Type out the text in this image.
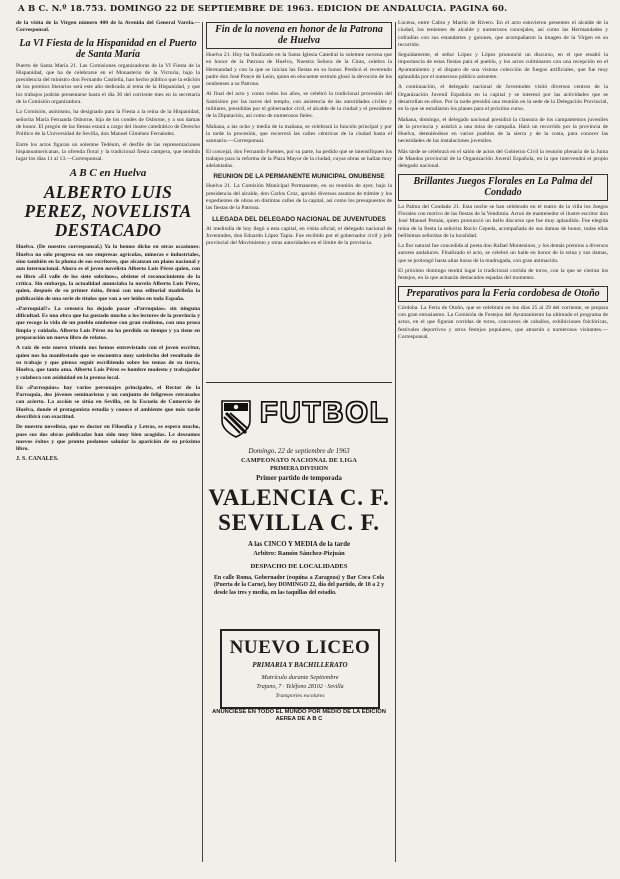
A B C. N.º 18.753. DOMINGO 22 DE SEPTIEMBRE DE 1963. EDICION DE ANDALUCIA. PAGINA 60.

de la visita de la Virgen número 400 de la Avenida del General Varela.—Corresponsal.

La VI Fiesta de la Hispanidad en el Puerto de Santa María

Puerto de Santa María 21. Las Comisiones organizadoras de la VI Fiesta de la Hispanidad, que ha de celebrarse en el Monasterio de la Victoria, bajo la presidencia del ministro don Fernando Castiella, han hecho público que la edición de los premios literarios será este año dedicada al tema de la Hispanidad, y que los trabajos podrán presentarse hasta el día 30 del corriente mes en la secretaría de la Comisión organizadora.

La Comisión, asimismo, ha designado para la Fiesta a la reina de la Hispanidad, señorita María Fernanda Osborne, hija de los condes de Osborne, y a sus damas de honor. El pregón de las fiestas estará a cargo del ilustre catedrático de Derecho Político de la Universidad de Sevilla, don Manuel Giménez Fernández.

Entre los actos figuran un solemne Tedéum, el desfile de las representaciones hispanoamericanas, la ofrenda floral y la tradicional fiesta campera, que tendrán lugar los días 11 al 13.—Corresponsal.

A B C en Huelva
ALBERTO LUIS PEREZ, NOVELISTA DESTACADO

Huelva. (De nuestro corresponsal.) Ya lo hemos dicho en otras ocasiones: Huelva no sólo progresa en sus empresas agrícolas, mineras e industriales, sino también en la pluma de sus escritores, que alcanzan un plano nacional y aun internacional. Ahora es el joven novelista Alberto Luis Pérez quien, con su libro «El valle de los siete sobrinos», obtiene el reconocimiento de la crítica. Sin embargo, la actualidad anunciaba la novela Alberto Luis Pérez, quien, después de su primer éxito, firmó con una editorial madrileña la publicación de una serie de títulos que van a ser leídos en toda España.

«Parroquial?» La censura ha dejado pasar «Parroquias» sin ninguna dificultad. Es una obra que ha gustado mucho a los lectores de la provincia y que recoge la vida de un pueblo onubense con gran realismo, con una prosa limpia y cuidada. Alberto Luis Pérez no ha perdido su tiempo y ya tiene en preparación un nuevo libro de relatos.

A raíz de este nuevo triunfo nos hemos entrevistado con el joven escritor, quien nos ha manifestado que se encuentra muy satisfecho del resultado de su trabajo y que piensa seguir escribiendo sobre los temas de su tierra, Huelva, que tanto ama. Alberto Luis Pérez es hombre modesto y trabajador y colabora con asiduidad en la prensa local.

En «Parroquias» hay varios personajes principales, el Rector de la Parroquia, dos jóvenes seminaristas y un conjunto de feligreses retratados con acierto. La acción se sitúa en Sevilla, en la Escuela de Comercio de Huelva, donde el protagonista estudia y conoce el ambiente que más tarde describirá con exactitud.

De nuestro novelista, que es doctor en Filosofía y Letras, se espera mucho, pues sus dos obras publicadas han sido muy bien acogidas. Le deseamos nuevos éxitos y que pronto podamos saludar la aparición de su próximo libro.

J. S. CANALES.
Fin de la novena en honor de la Patrona de Huelva

Huelva 21. Hoy ha finalizado en la Santa Iglesia Catedral la solemne novena que en honor de la Patrona de Huelva, Nuestra Señora de la Cinta, celebra la Hermandad y con la que se inician las fiestas en su honor. Predicó el reverendo padre don José Ponce de León, quien en elocuente sermón glosó la devoción de los onubenses a su Patrona.

Al final del acto y como todos los años, se celebró la tradicional procesión del Santísimo por las naves del templo, con asistencia de las autoridades civiles y militares, presididas por el gobernador civil, el alcalde de la ciudad y el presidente de la Diputación, así como de numerosos fieles.

Mañana, a las ocho y media de la mañana, se celebrará la función principal y por la tarde la procesión, que recorrerá las calles céntricas de la ciudad hasta el santuario.—Corresponsal.

El concejal, don Fernando Fuentes, por su parte, ha pedido que se intensifiquen los trabajos para la reforma de la Plaza Mayor de la ciudad, cuyas obras se hallan muy adelantadas.

REUNION DE LA PERMANENTE MUNICIPAL ONUBENSE

Huelva 21. La Comisión Municipal Permanente, en su reunión de ayer, bajo la presidencia del alcalde, don Carlos Cruz, aprobó diversos asuntos de trámite y los expedientes de obras en distintas calles de la capital, así como los presupuestos de las fiestas de la Patrona.

LLEGADA DEL DELEGADO NACIONAL DE JUVENTUDES

Al mediodía de hoy llegó a esta capital, en visita oficial, el delegado nacional de Juventudes, don Eduardo López Tapia. Fue recibido por el gobernador civil y jefe provincial del Movimiento y otras autoridades en el límite de la provincia.

FUTBOL
Domingo, 22 de septiembre de 1963
CAMPEONATO NACIONAL DE LIGA
PRIMERA DIVISION
Primer partido de temporada
VALENCIA C. F.
SEVILLA C. F.
A las CINCO Y MEDIA de la tarde
Arbitro: Ramón Sánchez-Pizjuán
DESPACHO DE LOCALIDADES
En calle Roma, Gobernador (esquina a Zaragoza) y Bar Coca Cola (Puerta de la Carne), hoy DOMINGO 22, día del partido, de 10 a 2 y desde las tres y media, en las taquillas del estadio.
NUEVO LICEO
PRIMARIA Y BACHILLERATO
Matrícula durante Septiembre
Trajano, 7 · Teléfono 28102 · Sevilla
Transportes escolares
ANUNCIESE EN TODO EL MUNDO POR MEDIO DE LA EDICION AEREA DE A B C

Lucena, entre Cabra y Martín de Rivero. En el acto estuvieron presentes el alcalde de la ciudad, los tenientes de alcalde y numerosos concejales, así como las Hermandades y cofradías con sus estandartes y guiones, que acompañaron la imagen de la Virgen en su recorrido.

Seguidamente, el señor López y López pronunció un discurso, en el que resaltó la importancia de estas fiestas para el pueblo, y los actos culminaron con una recepción en el Ayuntamiento y el disparo de una vistosa colección de fuegos artificiales, que fue muy aplaudida por el numeroso público asistente.

A continuación, el delegado nacional de Juventudes visitó diversos centros de la Organización Juvenil Española en la capital y se interesó por las actividades que se desarrollan en ellos. Por la tarde presidió una reunión en la sede de la Delegación Provincial, en la que se estudiaron los planes para el próximo curso.

Mañana, domingo, el delegado nacional presidirá la clausura de los campamentos juveniles de la provincia y asistirá a una misa de campaña. Hará un recorrido por la provincia de Huelva, deteniéndose en varios pueblos de la sierra y de la costa, para conocer las necesidades de las instalaciones juveniles.

Más tarde se celebrará en el salón de actos del Gobierno Civil la reunión plenaria de la Junta de Mandos provincial de la Organización Juvenil Española, en la que intervendrá el propio delegado nacional.

Brillantes Juegos Florales en La Palma del Condado

La Palma del Condado 21. Esta noche se han celebrado en el teatro de la villa los Juegos Florales con motivo de las fiestas de la Vendimia. Actuó de mantenedor el ilustre escritor don José Manuel Pemán, quien pronunció un bello discurso que fue muy aplaudido. Fue elegida reina de la fiesta la señorita Rocío Cepeda, acompañada de sus damas de honor, todas ellas bellísimas señoritas de la localidad.

La flor natural fue concedida al poeta don Rafael Montesinos, y los demás premios a diversos autores andaluces. Finalizado el acto, se celebró un baile en honor de la reina y sus damas, que se prolongó hasta altas horas de la madrugada, con gran animación.

El próximo domingo tendrá lugar la tradicional corrida de toros, con la que se cierran los festejos, en la que actuarán destacados espadas del momento.

Preparativos para la Feria cordobesa de Otoño

Córdoba. La Feria de Otoño, que se celebrará en los días 25 al 29 del corriente, se prepara con gran entusiasmo. La Comisión de Festejos del Ayuntamiento ha ultimado el programa de actos, en el que figuran corridas de toros, concursos de caballos, exhibiciones folclóricas, festivales deportivos y otros festejos populares, que atraerán a numerosos visitantes.—Corresponsal.
